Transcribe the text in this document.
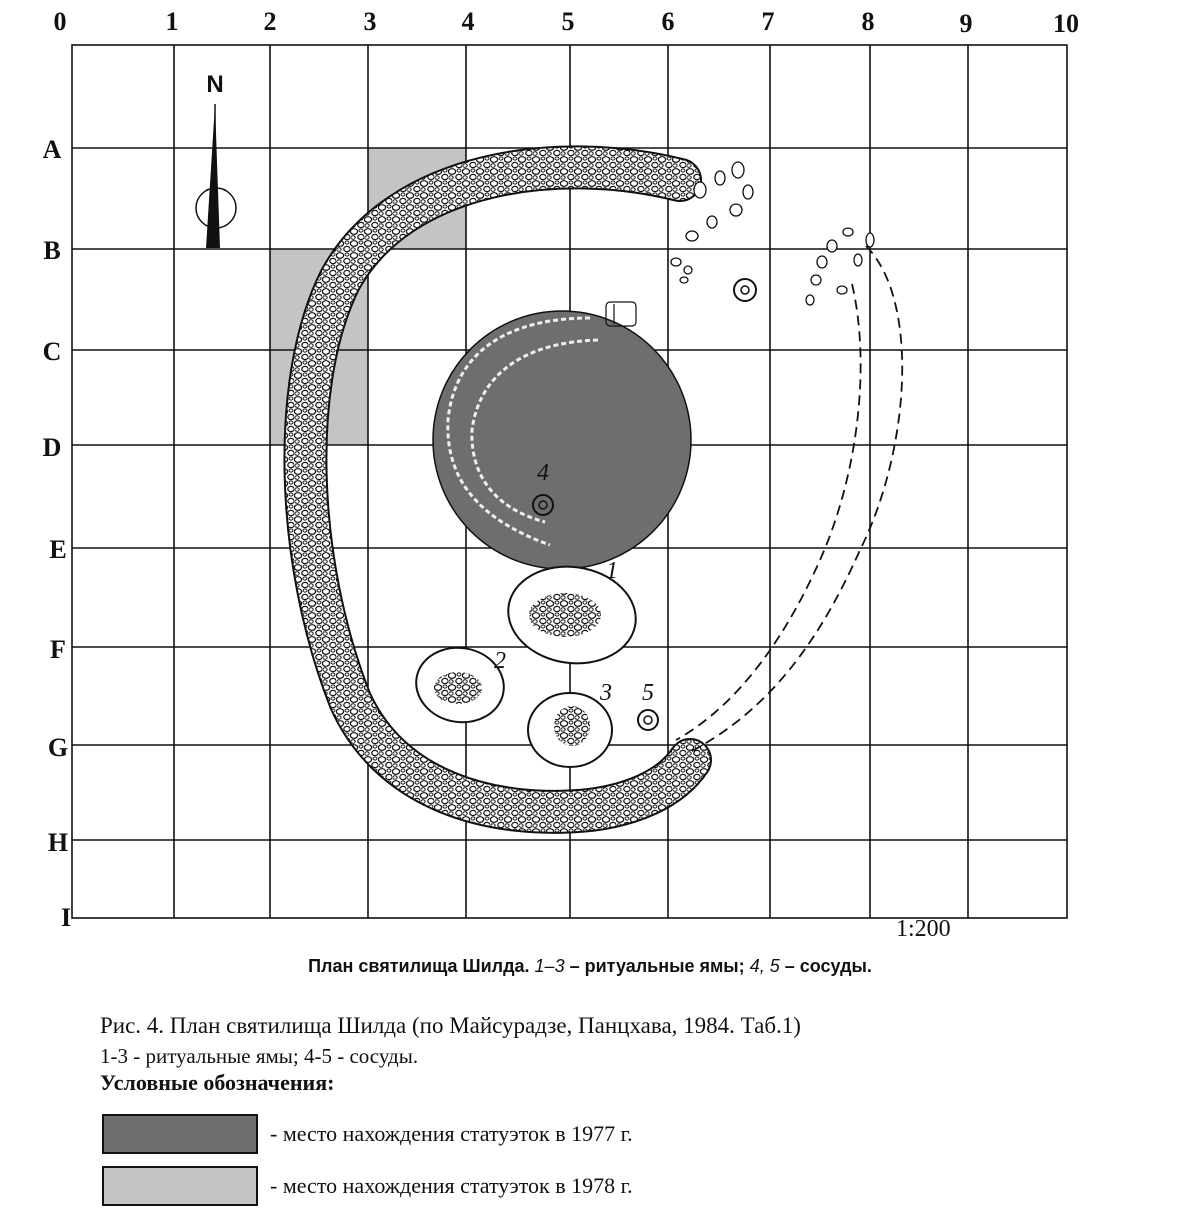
0	1	2	3	4	5	6	7	8	9	10
A
B
C
D
E
F
G
H
I
N
1
2
3
4
5
1:200
План святилища Шилда. 1–3 – ритуальные ямы; 4, 5 – сосуды.
Рис. 4. План святилища Шилда (по Майсурадзе, Панцхава, 1984. Таб.1)
1-3 - ритуальные ямы; 4-5 - сосуды.
Условные обозначения:
- место нахождения статуэток в 1977 г.
- место нахождения статуэток в 1978 г.
